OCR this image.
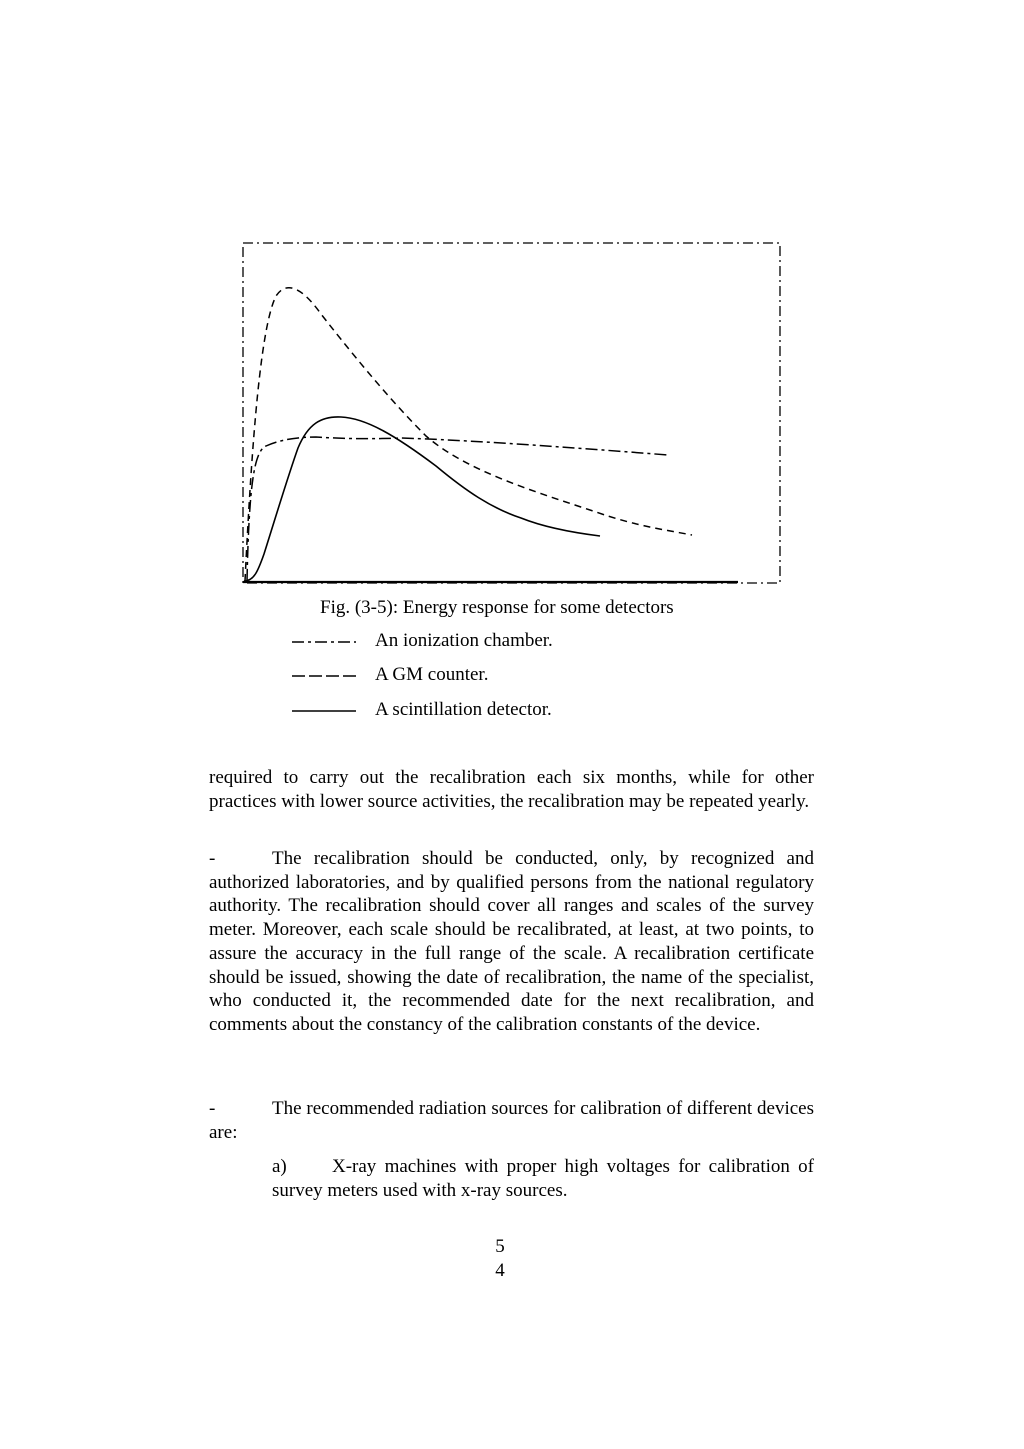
Fig. (3-5): Energy response for some detectors
An ionization chamber.
A GM counter.
A scintillation detector.

required to carry out the recalibration each six months, while for other practices with lower source activities, the recalibration may be repeated yearly.

-	The recalibration should be conducted, only, by recognized and authorized laboratories, and by qualified persons from the national regulatory authority. The recalibration should cover all ranges and scales of the survey meter. Moreover, each scale should be recalibrated, at least, at two points, to assure the accuracy in the full range of the scale. A recalibration certificate should be issued, showing the date of recalibration, the name of the specialist, who conducted it, the recommended date for the next recalibration, and comments about the constancy of the calibration constants of the device.

-	The recommended radiation sources for calibration of different devices are:

a) X-ray machines with proper high voltages for calibration of survey meters used with x-ray sources.

5
4
